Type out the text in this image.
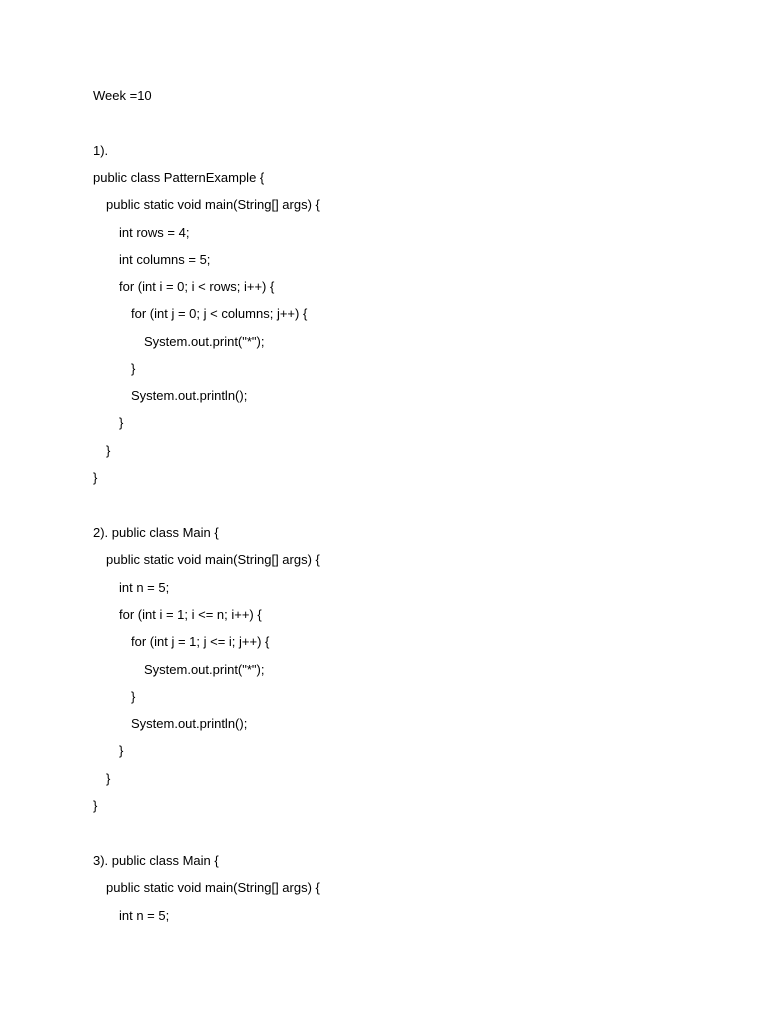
Week =10
1).
public class PatternExample {
public static void main(String[] args) {
int rows = 4;
int columns = 5;
for (int i = 0; i < rows; i++) {
for (int j = 0; j < columns; j++) {
System.out.print("*");
}
System.out.println();
}
}
}
2). public class Main {
public static void main(String[] args) {
int n = 5;
for (int i = 1; i <= n; i++) {
for (int j = 1; j <= i; j++) {
System.out.print("*");
}
System.out.println();
}
}
}
3). public class Main {
public static void main(String[] args) {
int n = 5;
